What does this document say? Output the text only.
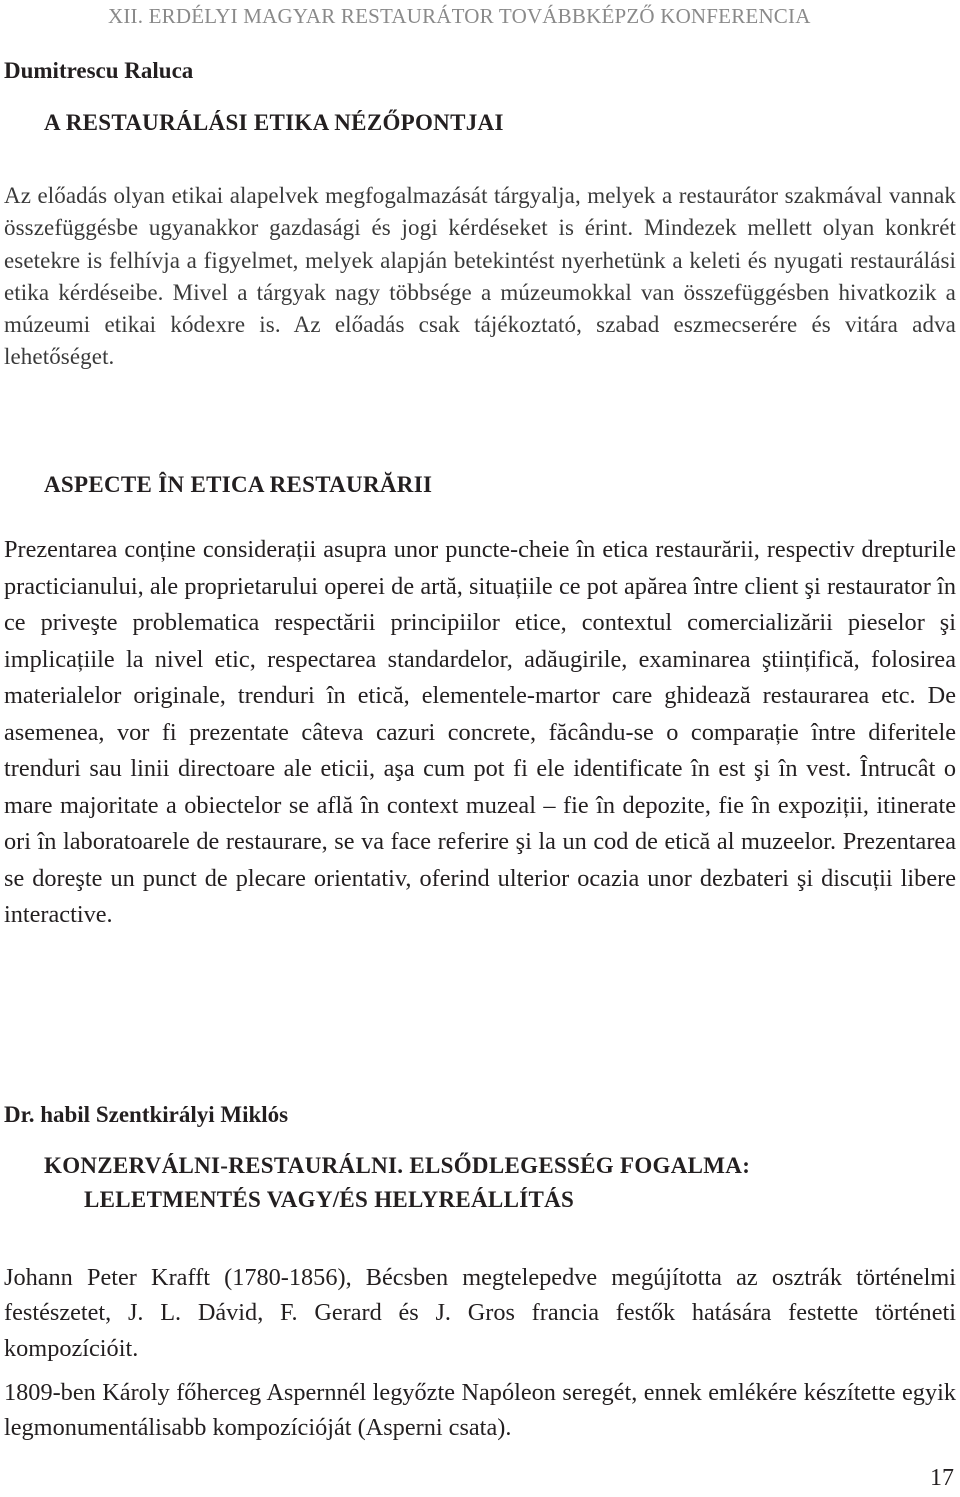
XII. ERDÉLYI MAGYAR RESTAURÁTOR TOVÁBBKÉPZŐ KONFERENCIA
Dumitrescu Raluca
A RESTAURÁLÁSI ETIKA NÉZŐPONTJAI

Az előadás olyan etikai alapelvek megfogalmazását tárgyalja, melyek a restaurátor szakmával vannak összefüggésbe ugyanakkor gazdasági és jogi kérdéseket is érint. Mindezek mellett olyan konkrét esetekre is felhívja a figyelmet, melyek alapján betekintést nyerhetünk a keleti és nyugati restaurálási etika kérdéseibe. Mivel a tárgyak nagy többsége a múzeumokkal van összefüggésben hivatkozik a múzeumi etikai kódexre is. Az előadás csak tájékoztató, szabad eszmecserére és vitára adva lehetőséget.

ASPECTE ÎN ETICA RESTAURĂRII

Prezentarea conține considerații asupra unor puncte-cheie în etica restaurării, respectiv drepturile practicianului, ale proprietarului operei de artă, situațiile ce pot apărea între client şi restaurator în ce priveşte problematica respectării principiilor etice, contextul comercializării pieselor şi implicațiile la nivel etic, respectarea standardelor, adăugirile, examinarea ştiințifică, folosirea materialelor originale, trenduri în etică, elementele-martor care ghidează restaurarea etc. De asemenea, vor fi prezentate câteva cazuri concrete, făcându-se o comparație între diferitele trenduri sau linii directoare ale eticii, aşa cum pot fi ele identificate în est şi în vest. Întrucât o mare majoritate a obiectelor se află în context muzeal – fie în depozite, fie în expoziții, itinerate ori în laboratoarele de restaurare, se va face referire şi la un cod de etică al muzeelor. Prezentarea se doreşte un punct de plecare orientativ, oferind ulterior ocazia unor dezbateri şi discuții libere interactive.

Dr. habil Szentkirályi Miklós
KONZERVÁLNI-RESTAURÁLNI. ELSŐDLEGESSÉG FOGALMA:
LELETMENTÉS VAGY/ÉS HELYREÁLLÍTÁS

Johann Peter Krafft (1780-1856), Bécsben megtelepedve megújította az osztrák történelmi festészetet, J. L. Dávid, F. Gerard és J. Gros francia festők hatására festette történeti kompozícióit.

1809-ben Károly főherceg Aspernnél legyőzte Napóleon seregét, ennek emlékére készítette egyik legmonumentálisabb kompozícióját (Asperni csata).

17
